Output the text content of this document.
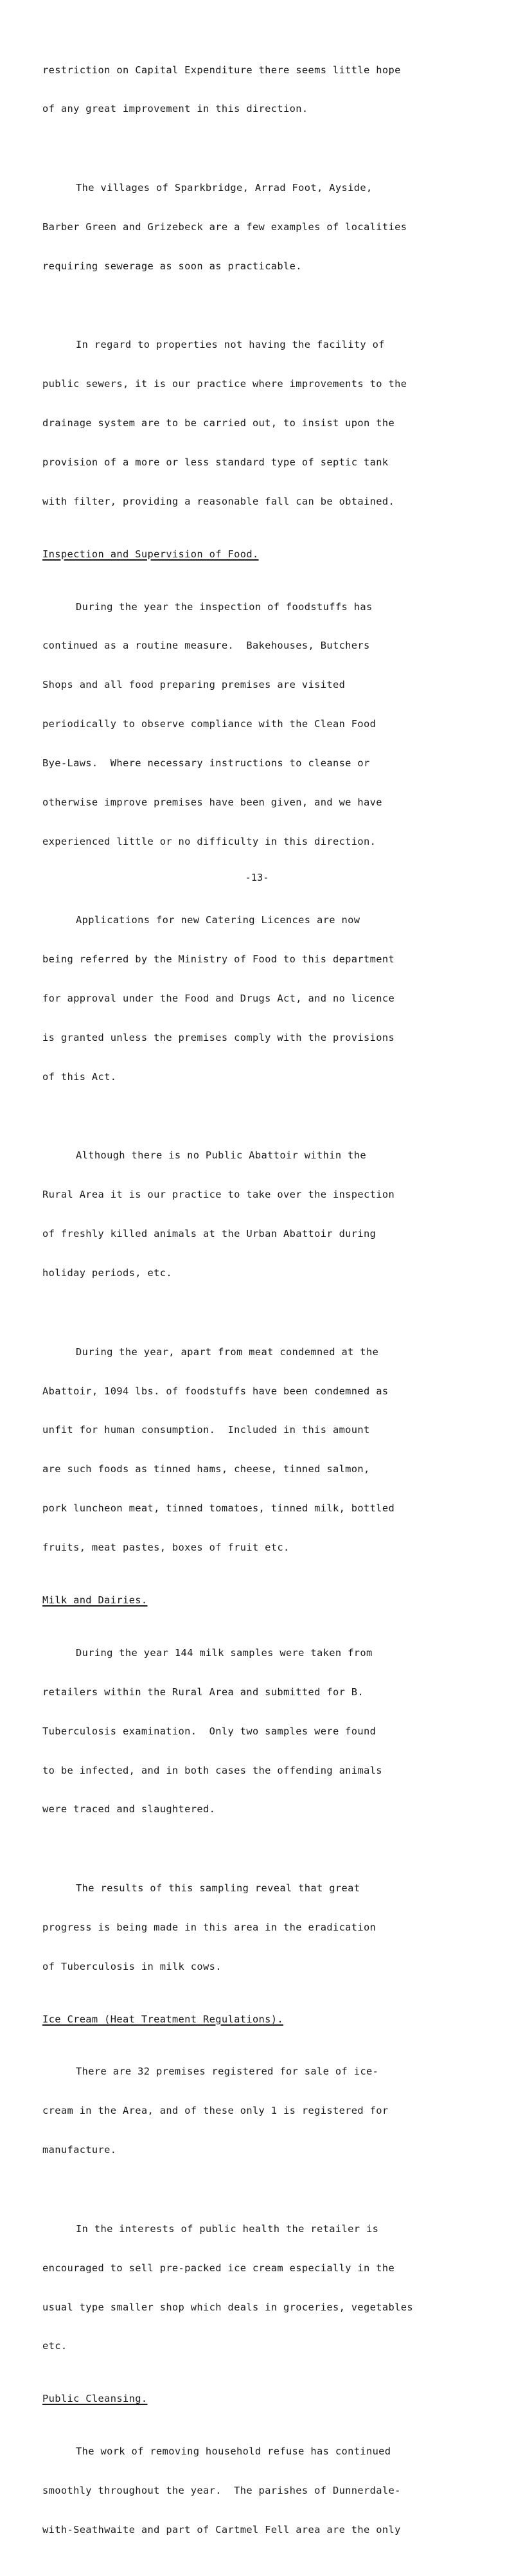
restriction on Capital Expenditure there seems little hope

of any great improvement in this direction.

The villages of Sparkbridge, Arrad Foot, Ayside,

Barber Green and Grizebeck are a few examples of localities

requiring sewerage as soon as practicable.

In regard to properties not having the facility of

public sewers, it is our practice where improvements to the

drainage system are to be carried out, to insist upon the

provision of a more or less standard type of septic tank

with filter, providing a reasonable fall can be obtained.

Inspection and Supervision of Food.

During the year the inspection of foodstuffs has

continued as a routine measure.  Bakehouses, Butchers

Shops and all food preparing premises are visited

periodically to observe compliance with the Clean Food

Bye-Laws.  Where necessary instructions to cleanse or

otherwise improve premises have been given, and we have

experienced little or no difficulty in this direction.

Applications for new Catering Licences are now

being referred by the Ministry of Food to this department

for approval under the Food and Drugs Act, and no licence

is granted unless the premises comply with the provisions

of this Act.

Although there is no Public Abattoir within the

Rural Area it is our practice to take over the inspection

of freshly killed animals at the Urban Abattoir during

holiday periods, etc.

During the year, apart from meat condemned at the

Abattoir, 1094 lbs. of foodstuffs have been condemned as

unfit for human consumption.  Included in this amount

are such foods as tinned hams, cheese, tinned salmon,

pork luncheon meat, tinned tomatoes, tinned milk, bottled

fruits, meat pastes, boxes of fruit etc.

Milk and Dairies.

During the year 144 milk samples were taken from

retailers within the Rural Area and submitted for B.

Tuberculosis examination.  Only two samples were found

to be infected, and in both cases the offending animals

were traced and slaughtered.

The results of this sampling reveal that great

progress is being made in this area in the eradication

of Tuberculosis in milk cows.

Ice Cream (Heat Treatment Regulations).

There are 32 premises registered for sale of ice-

cream in the Area, and of these only 1 is registered for

manufacture.

In the interests of public health the retailer is

encouraged to sell pre-packed ice cream especially in the

usual type smaller shop which deals in groceries, vegetables

etc.

Public Cleansing.

The work of removing household refuse has continued

smoothly throughout the year.  The parishes of Dunnerdale-

with-Seathwaite and part of Cartmel Fell area are the only

-13-
